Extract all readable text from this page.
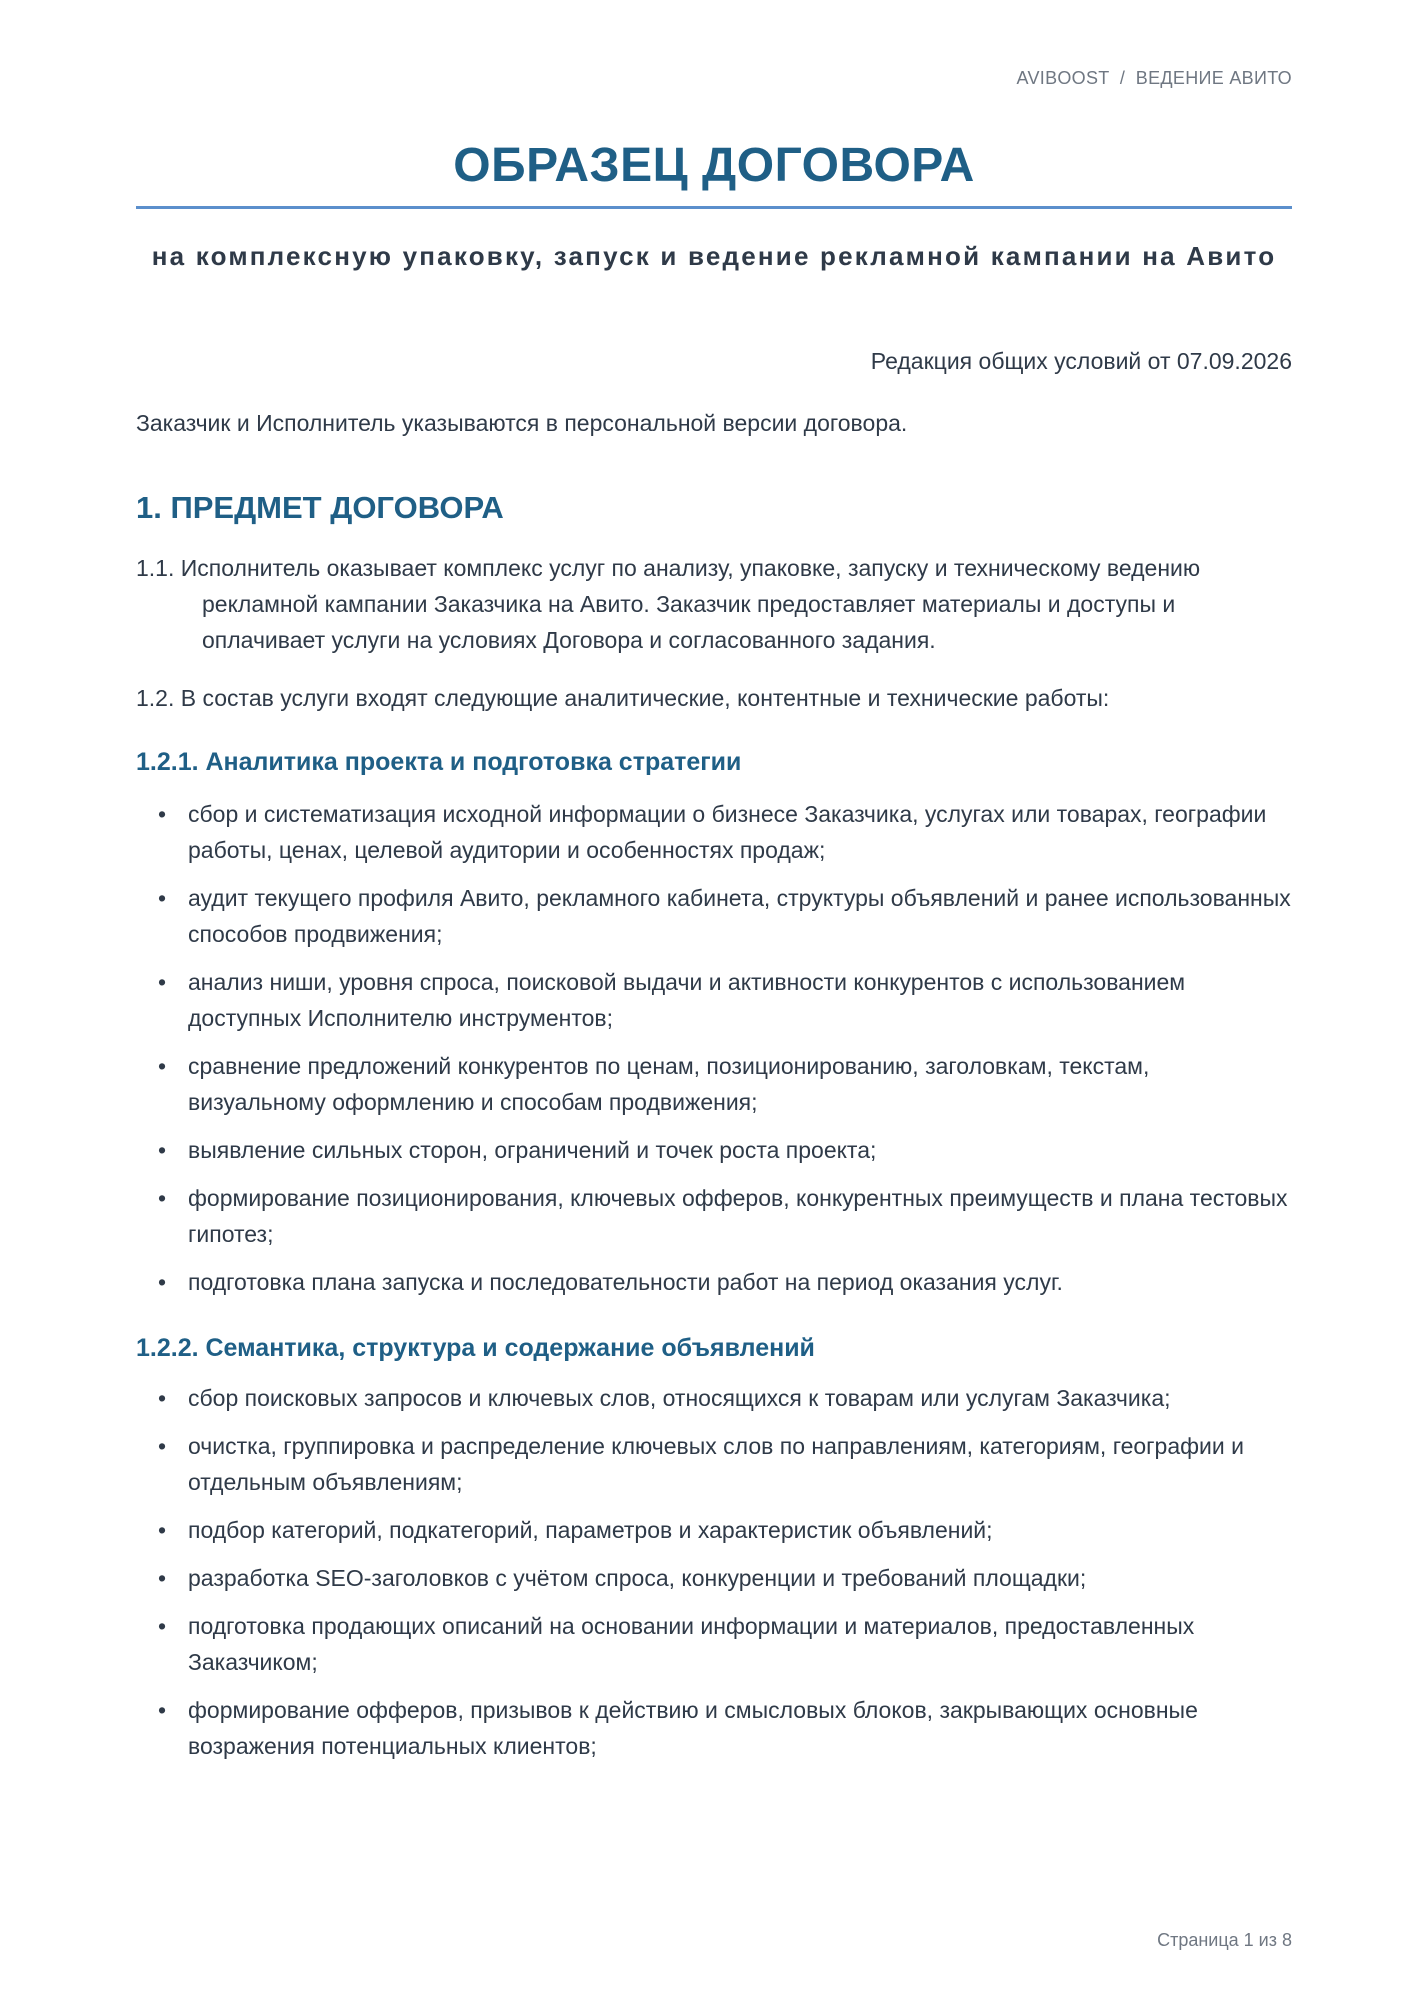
AVIBOOST / ВЕДЕНИЕ АВИТО
ОБРАЗЕЦ ДОГОВОРА
на комплексную упаковку, запуск и ведение рекламной кампании на Авито
Редакция общих условий от 07.09.2026
Заказчик и Исполнитель указываются в персональной версии договора.
1. ПРЕДМЕТ ДОГОВОРА
1.1. Исполнитель оказывает комплекс услуг по анализу, упаковке, запуску и техническому ведению рекламной кампании Заказчика на Авито. Заказчик предоставляет материалы и доступы и оплачивает услуги на условиях Договора и согласованного задания.
1.2. В состав услуги входят следующие аналитические, контентные и технические работы:
1.2.1. Аналитика проекта и подготовка стратегии
• сбор и систематизация исходной информации о бизнесе Заказчика, услугах или товарах, географии работы, ценах, целевой аудитории и особенностях продаж;
• аудит текущего профиля Авито, рекламного кабинета, структуры объявлений и ранее использованных способов продвижения;
• анализ ниши, уровня спроса, поисковой выдачи и активности конкурентов с использованием доступных Исполнителю инструментов;
• сравнение предложений конкурентов по ценам, позиционированию, заголовкам, текстам, визуальному оформлению и способам продвижения;
• выявление сильных сторон, ограничений и точек роста проекта;
• формирование позиционирования, ключевых офферов, конкурентных преимуществ и плана тестовых гипотез;
• подготовка плана запуска и последовательности работ на период оказания услуг.
1.2.2. Семантика, структура и содержание объявлений
• сбор поисковых запросов и ключевых слов, относящихся к товарам или услугам Заказчика;
• очистка, группировка и распределение ключевых слов по направлениям, категориям, географии и отдельным объявлениям;
• подбор категорий, подкатегорий, параметров и характеристик объявлений;
• разработка SEO-заголовков с учётом спроса, конкуренции и требований площадки;
• подготовка продающих описаний на основании информации и материалов, предоставленных Заказчиком;
• формирование офферов, призывов к действию и смысловых блоков, закрывающих основные возражения потенциальных клиентов;
Страница 1 из 8
